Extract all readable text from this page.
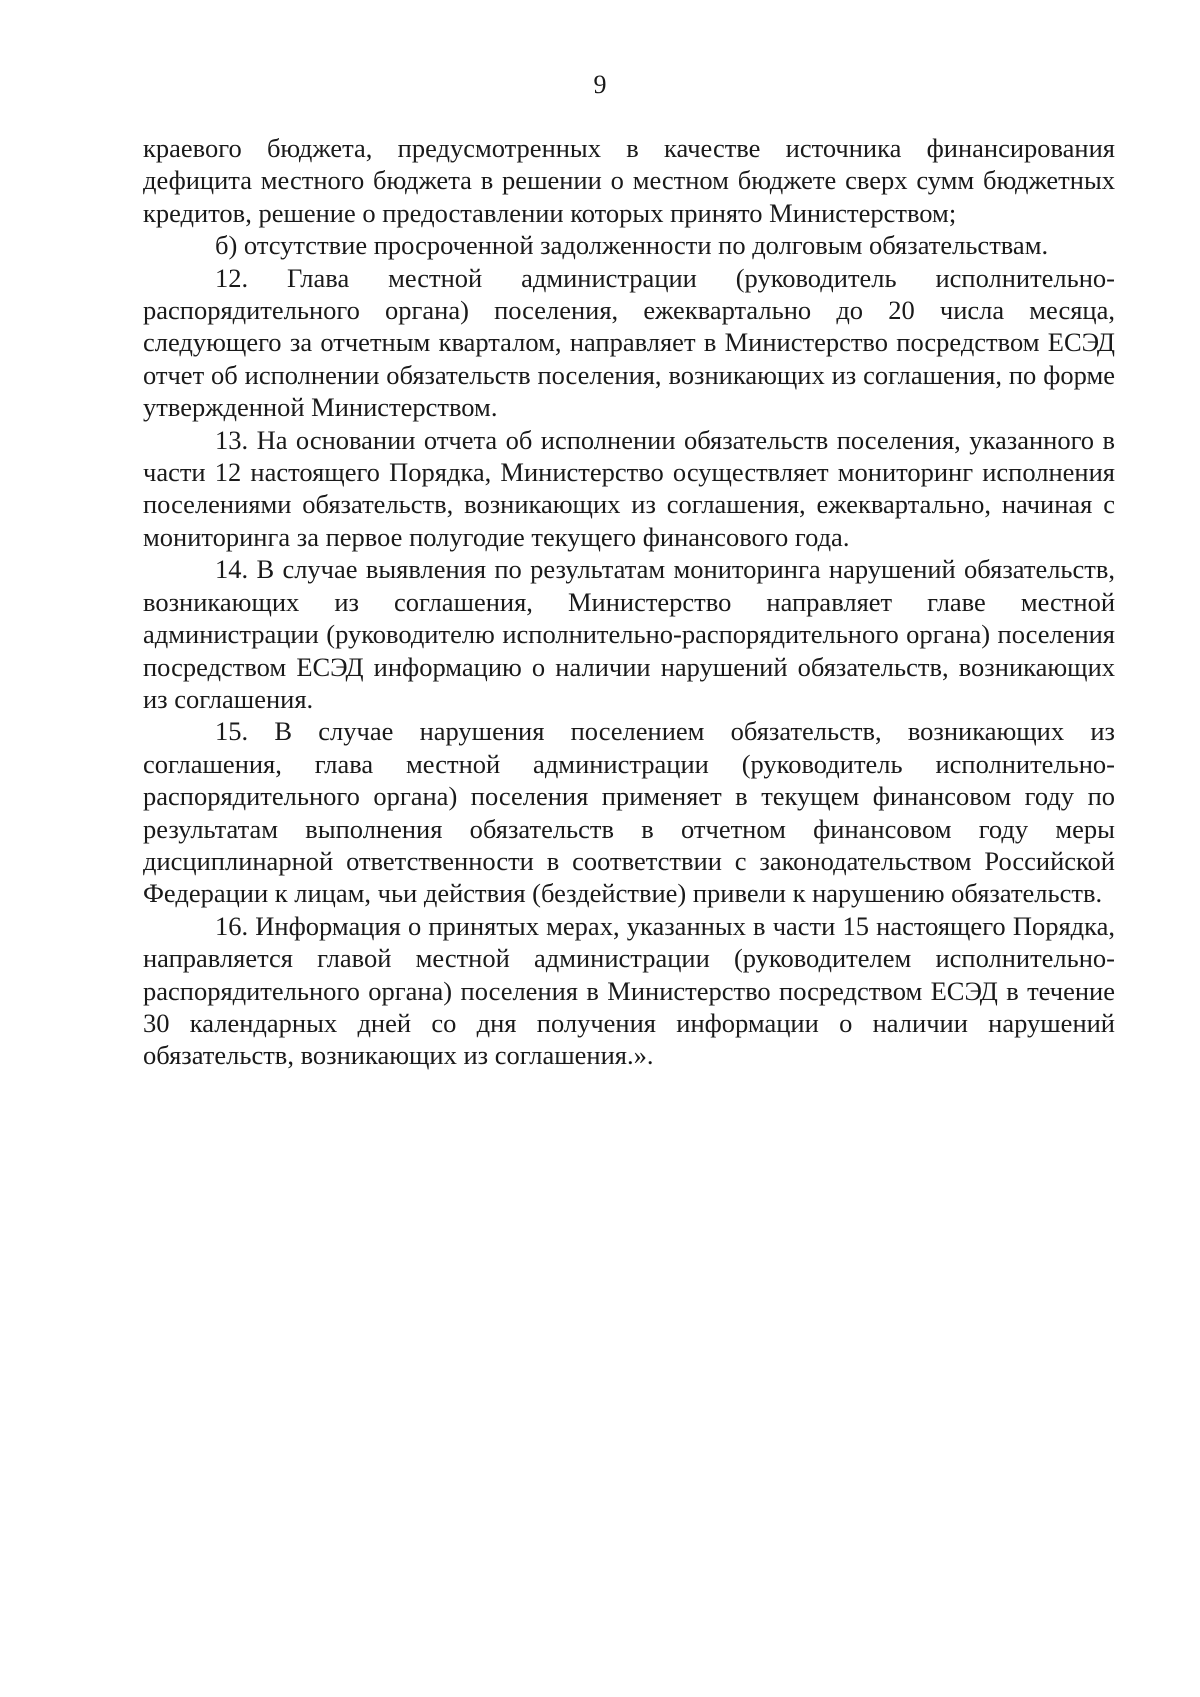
9

краевого бюджета, предусмотренных в качестве источника финансирования дефицита местного бюджета в решении о местном бюджете сверх сумм бюджетных кредитов, решение о предоставлении которых принято Министерством;

б) отсутствие просроченной задолженности по долговым обязательствам.

12. Глава местной администрации (руководитель исполнительно-распорядительного органа) поселения, ежеквартально до 20 числа месяца, следующего за отчетным кварталом, направляет в Министерство посредством ЕСЭД отчет об исполнении обязательств поселения, возникающих из соглашения, по форме утвержденной Министерством.

13. На основании отчета об исполнении обязательств поселения, указанного в части 12 настоящего Порядка, Министерство осуществляет мониторинг исполнения поселениями обязательств, возникающих из соглашения, ежеквартально, начиная с мониторинга за первое полугодие текущего финансового года.

14. В случае выявления по результатам мониторинга нарушений обязательств, возникающих из соглашения, Министерство направляет главе местной администрации (руководителю исполнительно-распорядительного органа) поселения посредством ЕСЭД информацию о наличии нарушений обязательств, возникающих из соглашения.

15. В случае нарушения поселением обязательств, возникающих из соглашения, глава местной администрации (руководитель исполнительно-распорядительного органа) поселения применяет в текущем финансовом году по результатам выполнения обязательств в отчетном финансовом году меры дисциплинарной ответственности в соответствии с законодательством Российской Федерации к лицам, чьи действия (бездействие) привели к нарушению обязательств.

16. Информация о принятых мерах, указанных в части 15 настоящего Порядка, направляется главой местной администрации (руководителем исполнительно-распорядительного органа) поселения в Министерство посредством ЕСЭД в течение 30 календарных дней со дня получения информации о наличии нарушений обязательств, возникающих из соглашения.».
